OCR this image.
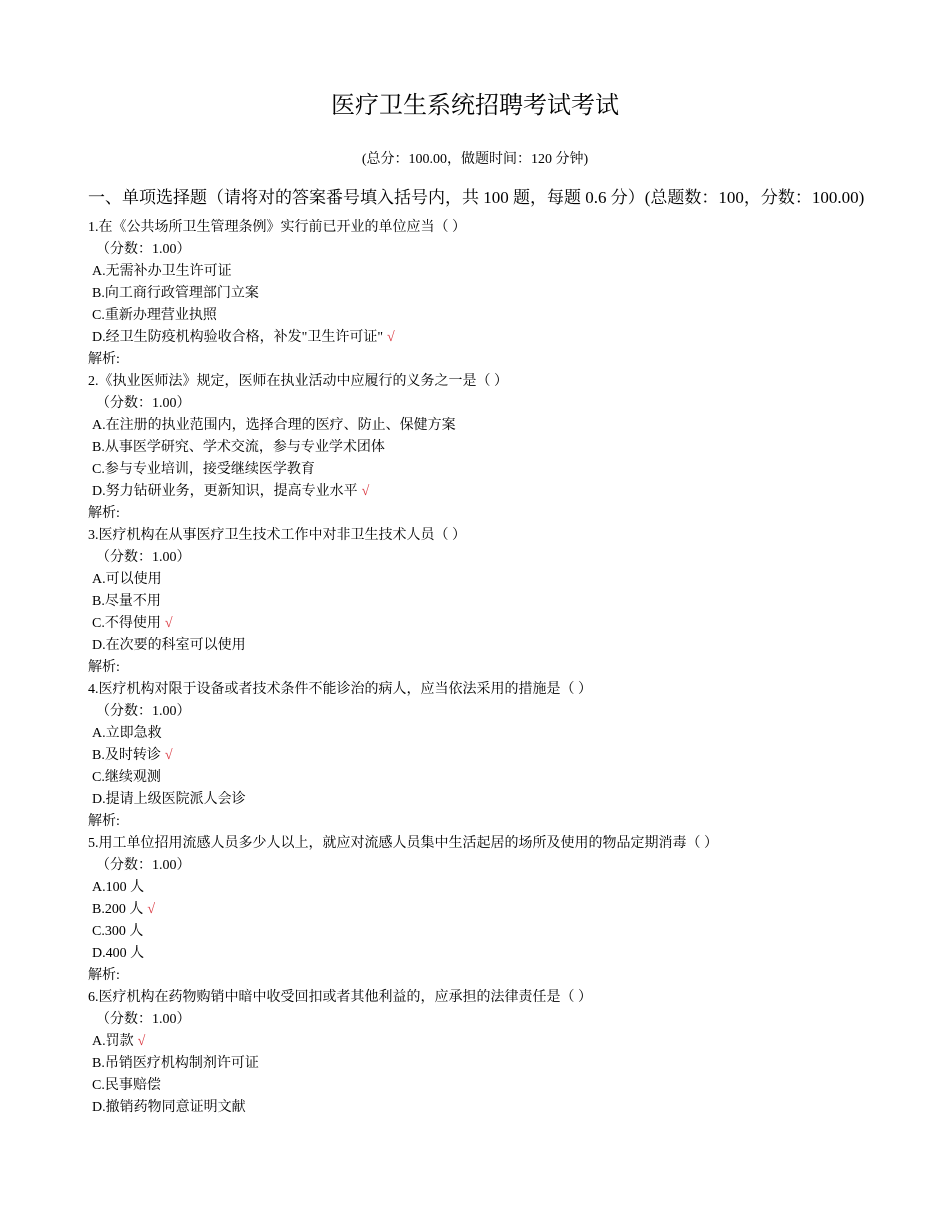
医疗卫生系统招聘考试考试
(总分：100.00，做题时间：120 分钟)
一、单项选择题（请将对的答案番号填入括号内，共 100 题，每题 0.6 分）(总题数：100，分数：100.00)
1.在《公共场所卫生管理条例》实行前已开业的单位应当（ ）
（分数：1.00）
A.无需补办卫生许可证
B.向工商行政管理部门立案
C.重新办理营业执照
D.经卫生防疫机构验收合格，补发"卫生许可证" √
解析:
2.《执业医师法》规定，医师在执业活动中应履行的义务之一是（ ）
（分数：1.00）
A.在注册的执业范围内，选择合理的医疗、防止、保健方案
B.从事医学研究、学术交流，参与专业学术团体
C.参与专业培训，接受继续医学教育
D.努力钻研业务，更新知识，提高专业水平 √
解析:
3.医疗机构在从事医疗卫生技术工作中对非卫生技术人员（ ）
（分数：1.00）
A.可以使用
B.尽量不用
C.不得使用 √
D.在次要的科室可以使用
解析:
4.医疗机构对限于设备或者技术条件不能诊治的病人，应当依法采用的措施是（ ）
（分数：1.00）
A.立即急救
B.及时转诊 √
C.继续观测
D.提请上级医院派人会诊
解析:
5.用工单位招用流感人员多少人以上，就应对流感人员集中生活起居的场所及使用的物品定期消毒（ ）
（分数：1.00）
A.100 人
B.200 人 √
C.300 人
D.400 人
解析:
6.医疗机构在药物购销中暗中收受回扣或者其他利益的，应承担的法律责任是（ ）
（分数：1.00）
A.罚款 √
B.吊销医疗机构制剂许可证
C.民事赔偿
D.撤销药物同意证明文献
